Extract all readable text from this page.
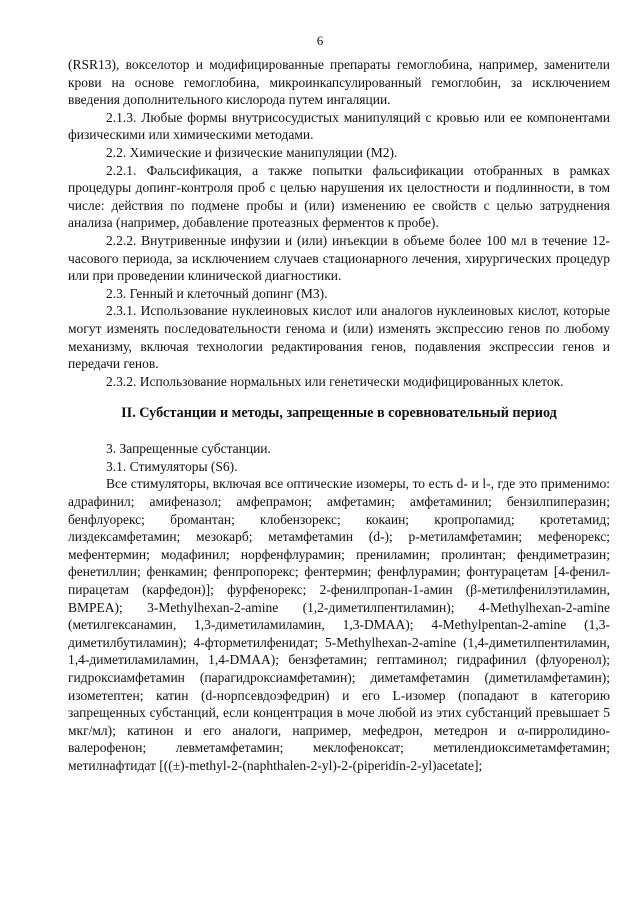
6

(RSR13), вокселотор и модифицированные препараты гемоглобина, например, заменители крови на основе гемоглобина, микроинкапсулированный гемоглобин, за исключением введения дополнительного кислорода путем ингаляции.

2.1.3. Любые формы внутрисосудистых манипуляций с кровью или ее компонентами физическими или химическими методами.

2.2. Химические и физические манипуляции (М2).

2.2.1. Фальсификация, а также попытки фальсификации отобранных в рамках процедуры допинг-контроля проб с целью нарушения их целостности и подлинности, в том числе: действия по подмене пробы и (или) изменению ее свойств с целью затруднения анализа (например, добавление протеазных ферментов к пробе).

2.2.2. Внутривенные инфузии и (или) инъекции в объеме более 100 мл в течение 12-часового периода, за исключением случаев стационарного лечения, хирургических процедур или при проведении клинической диагностики.

2.3. Генный и клеточный допинг (М3).

2.3.1. Использование нуклеиновых кислот или аналогов нуклеиновых кислот, которые могут изменять последовательности генома и (или) изменять экспрессию генов по любому механизму, включая технологии редактирования генов, подавления экспрессии генов и передачи генов.

2.3.2. Использование нормальных или генетически модифицированных клеток.

II. Субстанции и методы, запрещенные в соревновательный период

3. Запрещенные субстанции.

3.1. Стимуляторы (S6).

Все стимуляторы, включая все оптические изомеры, то есть d- и l-, где это применимо: адрафинил; амифеназол; амфепрамон; амфетамин; амфетаминил; бензилпиперазин; бенфлуорекс; бромантан; клобензорекс; кокаин; кропропамид; кротетамид; лиздексамфетамин; мезокарб; метамфетамин (d-); p-метиламфетамин; мефенорекс; мефентермин; модафинил; норфенфлурамин; прениламин; пролинтан; фендиметразин; фенетиллин; фенкамин; фенпропорекс; фентермин; фенфлурамин; фонтурацетам [4-фенил-пирацетам (карфедон)]; фурфенорекс; 2-фенилпропан-1-амин (β-метилфенилэтиламин, BMPEA); 3-Methylhexan-2-amine (1,2-диметилпентиламин); 4-Methylhexan-2-amine (метилгексанамин, 1,3-диметиламиламин, 1,3-DMAA); 4-Methylpentan-2-amine (1,3-диметилбутиламин); 4-фторметилфенидат; 5-Methylhexan-2-amine (1,4-диметилпентиламин, 1,4-диметиламиламин, 1,4-DMAA); бензфетамин; гептаминол; гидрафинил (флуоренол); гидроксиамфетамин (парагидроксиамфетамин); диметамфетамин (диметиламфетамин); изометептен; катин (d-норпсевдоэфедрин) и его L-изомер (попадают в категорию запрещенных субстанций, если концентрация в моче любой из этих субстанций превышает 5 мкг/мл); катинон и его аналоги, например, мефедрон, метедрон и α-пирролидино-валерофенон; левметамфетамин; меклофеноксат; метилендиоксиметамфетамин; метилнафтидат [((±)-methyl-2-(naphthalen-2-yl)-2-(piperidin-2-yl)acetate];
